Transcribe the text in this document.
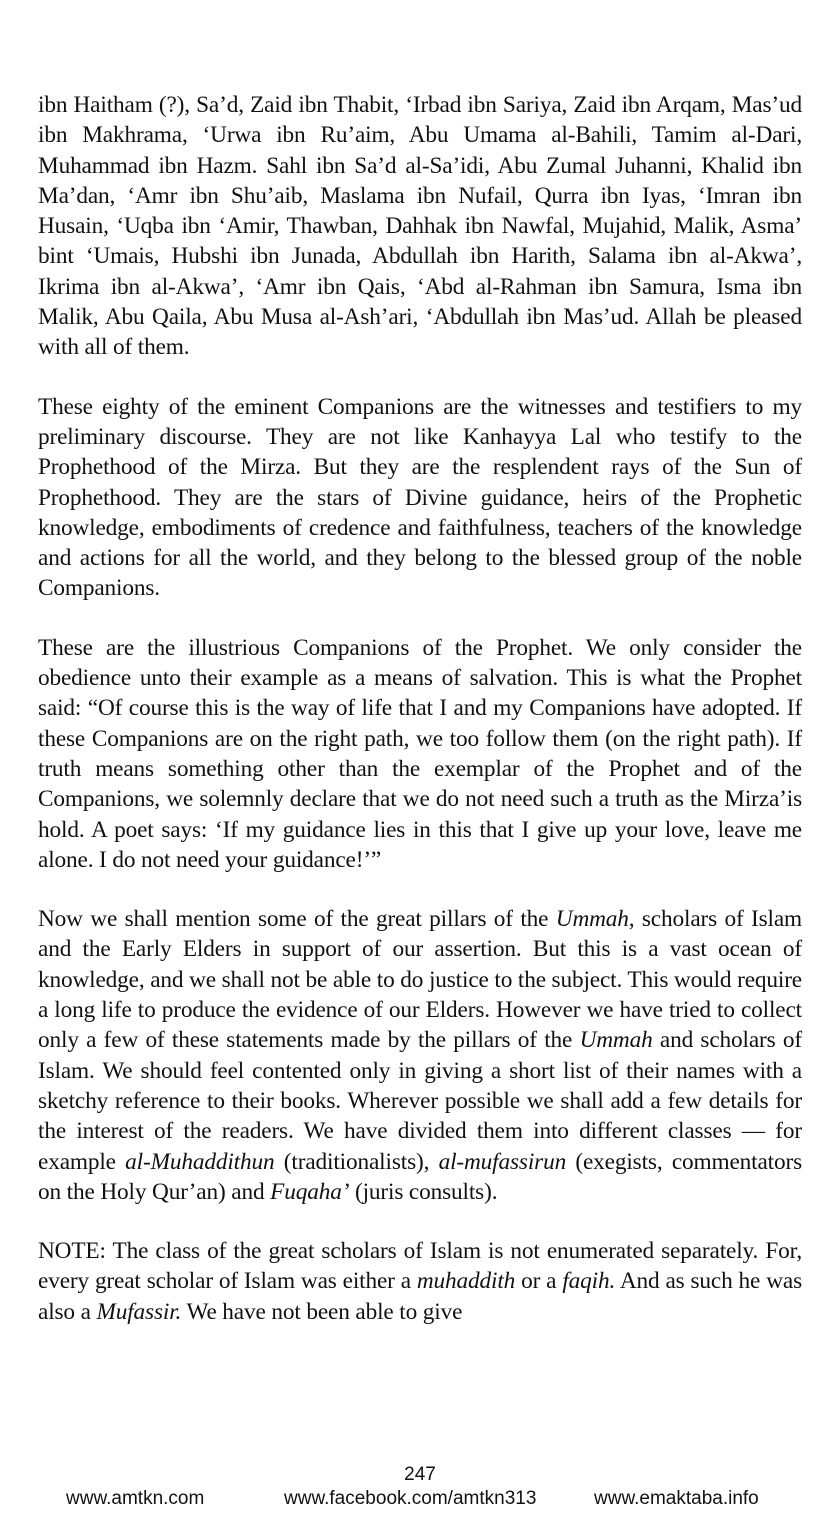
ibn Haitham (?), Sa’d, Zaid ibn Thabit, ‘Irbad ibn Sariya, Zaid ibn Arqam, Mas’ud ibn Makhrama, ‘Urwa ibn Ru’aim, Abu Umama al-Bahili, Tamim al-Dari, Muhammad ibn Hazm. Sahl ibn Sa’d al-Sa’idi, Abu Zumal Juhanni, Khalid ibn Ma’dan, ‘Amr ibn Shu’aib, Maslama ibn Nufail, Qurra ibn Iyas, ‘Imran ibn Husain, ‘Uqba ibn ‘Amir, Thawban, Dahhak ibn Nawfal, Mujahid, Malik, Asma’ bint ‘Umais, Hubshi ibn Junada, Abdullah ibn Harith, Salama ibn al-Akwa’, Ikrima ibn al-Akwa’, ‘Amr ibn Qais, ‘Abd al-Rahman ibn Samura, Isma ibn Malik, Abu Qaila, Abu Musa al-Ash’ari, ‘Abdullah ibn Mas’ud. Allah be pleased with all of them.

These eighty of the eminent Companions are the witnesses and testifiers to my preliminary discourse. They are not like Kanhayya Lal who testify to the Prophethood of the Mirza. But they are the resplendent rays of the Sun of Prophethood. They are the stars of Divine guidance, heirs of the Prophetic knowledge, embodiments of credence and faithfulness, teachers of the knowledge and actions for all the world, and they belong to the blessed group of the noble Companions.

These are the illustrious Companions of the Prophet. We only consider the obedience unto their example as a means of salvation. This is what the Prophet said: “Of course this is the way of life that I and my Companions have adopted. If these Companions are on the right path, we too follow them (on the right path). If truth means something other than the exemplar of the Prophet and of the Companions, we solemnly declare that we do not need such a truth as the Mirza’is hold. A poet says: ‘If my guidance lies in this that I give up your love, leave me alone. I do not need your guidance!’”

Now we shall mention some of the great pillars of the Ummah, scholars of Islam and the Early Elders in support of our assertion. But this is a vast ocean of knowledge, and we shall not be able to do justice to the subject. This would require a long life to produce the evidence of our Elders. However we have tried to collect only a few of these statements made by the pillars of the Ummah and scholars of Islam. We should feel contented only in giving a short list of their names with a sketchy reference to their books. Wherever possible we shall add a few details for the interest of the readers. We have divided them into different classes — for example al-Muhaddithun (traditionalists), al-mufassirun (exegists, commentators on the Holy Qur’an) and Fuqaha’ (juris consults).

NOTE: The class of the great scholars of Islam is not enumerated separately. For, every great scholar of Islam was either a muhaddith or a faqih. And as such he was also a Mufassir. We have not been able to give

247
www.amtkn.com	www.facebook.com/amtkn313	www.emaktaba.info
